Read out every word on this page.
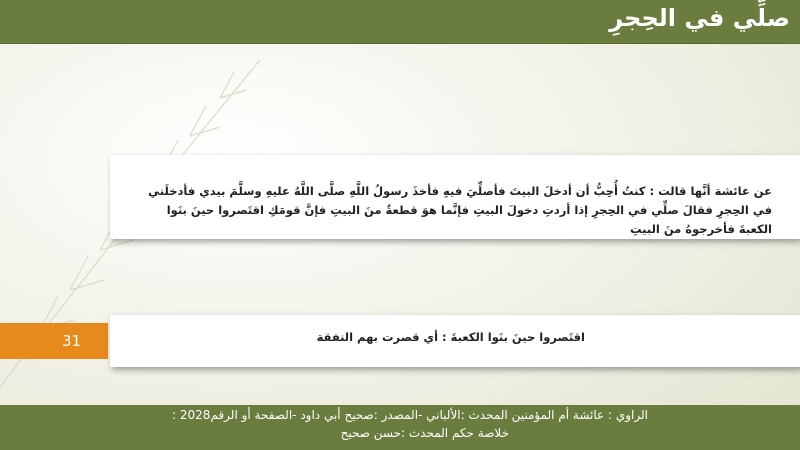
صلِّي في الحِجرِ
عن عائشة أنَّها قالت : كنتُ أُحِبُّ أن أدخلَ البيتَ فأصلِّيَ فيهِ فأخذَ رسولُ اللَّهِ صلَّى اللَّهُ عليهِ وسلَّمَ بيدي فأدخلَني في الحِجرِ فقالَ صلِّي في الحِجرِ إذا أردتِ دخولَ البيتِ فإنَّما هوَ قطعةٌ منَ البيتِ فإنَّ قومَكِ اقتَصروا حينَ بنَوا الكعبةَ فأخرجوهُ منَ البيتِ
31	اقتَصروا حينَ بنَوا الكعبةَ : أي قصرت بهم النفقة
الراوي : عائشة أم المؤمنين المحدث :الألباني -المصدر :صحيح أبي داود -الصفحة أو الرقم2028 :
خلاصة حكم المحدث :حسن صحيح
